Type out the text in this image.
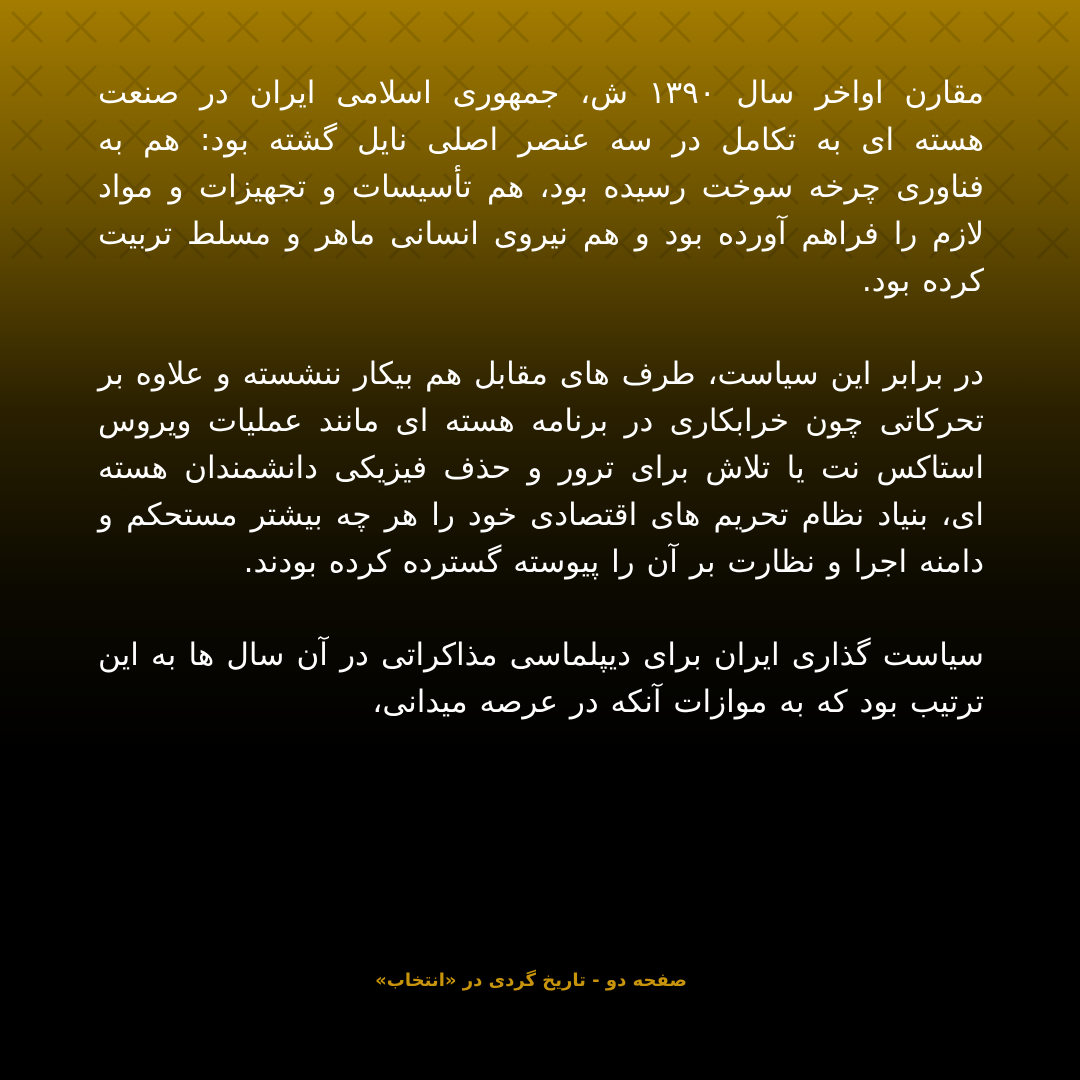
مقارن اواخر سال ۱۳۹۰ ش، جمهوری اسلامی ایران در صنعت هسته ای به تکامل در سه عنصر اصلی نایل گشته بود: هم به فناوری چرخه سوخت رسیده بود، هم تأسیسات و تجهیزات و مواد لازم را فراهم آورده بود و هم نیروی انسانی ماهر و مسلط تربیت کرده بود.

در برابر این سیاست، طرف های مقابل هم بیکار ننشسته و علاوه بر تحرکاتی چون خرابکاری در برنامه هسته ای مانند عملیات ویروس استاکس نت یا تلاش برای ترور و حذف فیزیکی دانشمندان هسته ای، بنیاد نظام تحریم های اقتصادی خود را هر چه بیشتر مستحکم و دامنه اجرا و نظارت بر آن را پیوسته گسترده کرده بودند.

سیاست گذاری ایران برای دیپلماسی مذاکراتی در آن سال ها به این ترتیب بود که به موازات آنکه در عرصه میدانی،

صفحه دو - تاریخ گردی در «انتخاب»
